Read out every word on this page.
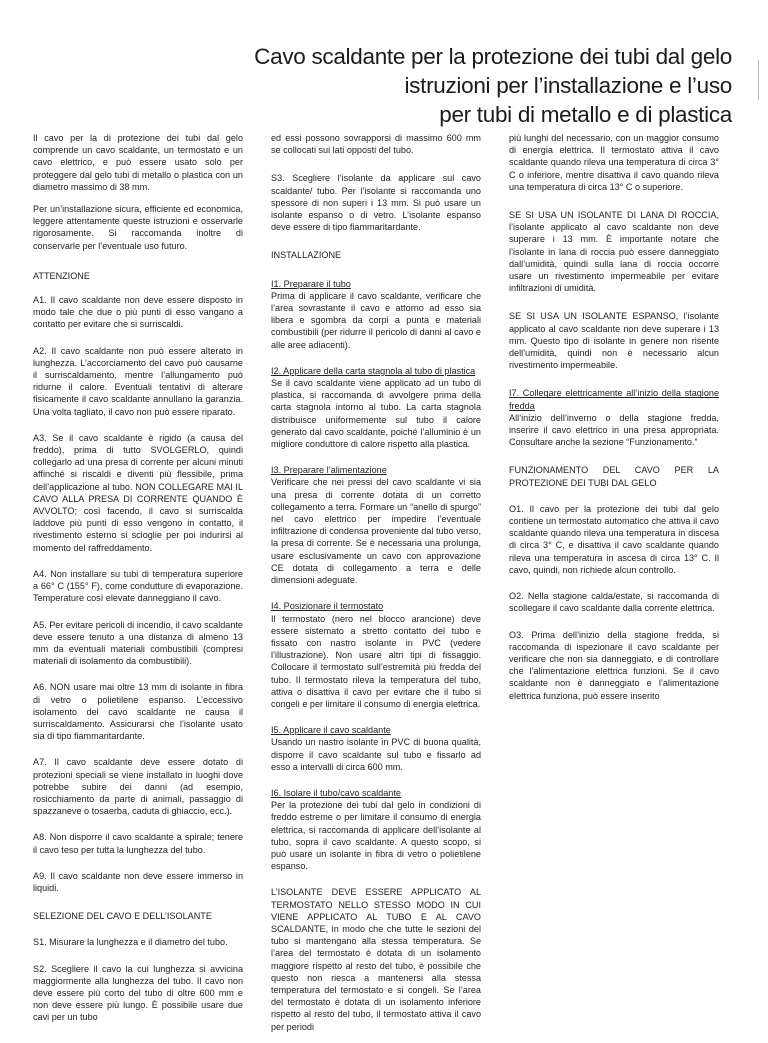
Cavo scaldante per la protezione dei tubi dal gelo
istruzioni per l’installazione e l’uso
per tubi di metallo e di plastica

Il cavo per la di protezione dei tubi dal gelo comprende un cavo scaldante, un termostato e un cavo elettrico, e può essere usato solo per proteggere dal gelo tubi di metallo o plastica con un diametro massimo di 38 mm.

Per un’installazione sicura, efficiente ed economica, leggere attentamente queste istruzioni e osservarle rigorosamente. Si raccomanda inoltre di conservarle per l’eventuale uso futuro.

ATTENZIONE

A1. Il cavo scaldante non deve essere disposto in modo tale che due o più punti di esso vangano a contatto per evitare che si surriscaldi.

A2. Il cavo scaldante non può essere alterato in lunghezza. L’accorciamento del cavo può causarne il surriscaldamento, mentre l’allungamento può ridurne il calore. Eventuali tentativi di alterare fisicamente il cavo scaldante annullano la garanzia. Una volta tagliato, il cavo non può essere riparato.

A3. Se il cavo scaldante è rigido (a causa del freddo), prima di tutto SVOLGERLO, quindi collegarlo ad una presa di corrente per alcuni minuti affinché si riscaldi e diventi più flessibile, prima dell’applicazione al tubo. NON COLLEGARE MAI IL CAVO ALLA PRESA DI CORRENTE QUANDO È AVVOLTO; così facendo, il cavo si surriscalda laddove più punti di esso vengono in contatto, il rivestimento esterno si scioglie per poi indurirsi al momento del raffreddamento.

A4. Non installare su tubi di temperatura superiore a 66° C (155° F), come condutture di evaporazione. Temperature così elevate danneggiano il cavo.

A5. Per evitare pericoli di incendio, il cavo scaldante deve essere tenuto a una distanza di almeno 13 mm da eventuali materiali combustibili (compresi materiali di isolamento da combustibili).

A6. NON usare mai oltre 13 mm di isolante in fibra di vetro o polietilene espanso. L’eccessivo isolamento del cavo scaldante ne causa il surriscaldamento. Assicurarsi che l’isolante usato sia di tipo fiammaritardante.

A7. Il cavo scaldante deve essere dotato di protezioni speciali se viene installato in luoghi dove potrebbe subire dei danni (ad esempio, rosicchiamento da parte di animali, passaggio di spazzaneve o tosaerba, caduta di ghiaccio, ecc.).

A8. Non disporre il cavo scaldante a spirale; tenere il cavo teso per tutta la lunghezza del tubo.

A9. Il cavo scaldante non deve essere immerso in liquidi.

SELEZIONE DEL CAVO E DELL’ISOLANTE

S1. Misurare la lunghezza e il diametro del tubo.

S2. Scegliere il cavo la cui lunghezza si avvicina maggiormente alla lunghezza del tubo. Il cavo non deve essere più corto del tubo di oltre 600 mm e non deve essere più lungo. È possibile usare due cavi per un tubo

ed essi possono sovrapporsi di massimo 600 mm se collocati sui lati opposti del tubo.

S3. Scegliere l’isolante da applicare sul cavo scaldante/ tubo. Per l’isolante si raccomanda uno spessore di non superi i 13 mm. Si può usare un isolante espanso o di vetro. L’isolante espanso deve essere di tipo fiammaritardante.

INSTALLAZIONE

I1. Preparare il tubo
Prima di applicare il cavo scaldante, verificare che l’area sovrastante il cavo e attorno ad esso sia libera e sgombra da corpi a punta e materiali combustibili (per ridurre il pericolo di danni al cavo e alle aree adiacenti).

I2. Applicare della carta stagnola al tubo di plastica
Se il cavo scaldante viene applicato ad un tubo di plastica, si raccomanda di avvolgere prima della carta stagnola intorno al tubo. La carta stagnola distribuisce uniformemente sul tubo il calore generato dal cavo scaldante, poiché l’alluminio è un migliore conduttore di calore rispetto alla plastica.

I3. Preparare l’alimentazione
Verificare che nei pressi del cavo scaldante vi sia una presa di corrente dotata di un corretto collegamento a terra. Formare un “anello di spurgo” nel cavo elettrico per impedire l’eventuale infiltrazione di condensa proveniente dal tubo verso, la presa di corrente. Se è necessaria una prolunga, usare esclusivamente un cavo con approvazione CE dotata di collegamento a terra e delle dimensioni adeguate.

I4. Posizionare il termostato
Il termostato (nero nel blocco arancione) deve essere sistemato a stretto contatto del tubo e fissato con nastro isolante in PVC (vedere l’illustrazione). Non usare altri tipi di fissaggio. Collocare il termostato sull’estremità più fredda del tubo. Il termostato rileva la temperatura del tubo, attiva o disattiva il cavo per evitare che il tubo si congeli e per limitare il consumo di energia elettrica.

I5. Applicare il cavo scaldante
Usando un nastro isolante in PVC di buona qualità, disporre il cavo scaldante sul tubo e fissarlo ad esso a intervalli di circa 600 mm.

I6. Isolare il tubo/cavo scaldante
Per la protezione dei tubi dal gelo in condizioni di freddo estreme o per limitare il consumo di energia elettrica, si raccomanda di applicare dell’isolante al tubo, sopra il cavo scaldante. A questo scopo, si può usare un isolante in fibra di vetro o polietilene espanso.

L’ISOLANTE DEVE ESSERE APPLICATO AL TERMOSTATO NELLO STESSO MODO IN CUI VIENE APPLICATO AL TUBO E AL CAVO SCALDANTE, in modo che che tutte le sezioni del tubo si mantengano alla stessa temperatura. Se l’area del termostato è dotata di un isolamento maggiore rispetto al resto del tubo, è possibile che questo non riesca a mantenersi alla stessa temperatura del termostato e si congeli. Se l’area del termostato è dotata di un isolamento inferiore rispetto al resto del tubo, il termostato attiva il cavo per periodi

più lunghi del necessario, con un maggior consumo di energia elettrica. Il termostato attiva il cavo scaldante quando rileva una temperatura di circa 3° C o inferiore, mentre disattiva il cavo quando rileva una temperatura di circa 13° C o superiore.

SE SI USA UN ISOLANTE DI LANA DI ROCCIA, l’isolante applicato al cavo scaldante non deve superare i 13 mm. È importante notare che l’isolante in lana di roccia può essere danneggiato dall’umidità, quindi sulla lana di roccia occorre usare un rivestimento impermeabile per evitare infiltrazioni di umidità.

SE SI USA UN ISOLANTE ESPANSO, l’isolante applicato al cavo scaldante non deve superare i 13 mm. Questo tipo di isolante in genere non risente dell’umidità, quindi non è necessario alcun rivestimento impermeabile.

I7. Collegare elettricamente all’inizio della stagione fredda
All’inizio dell’inverno o della stagione fredda, inserire il cavo elettrico in una presa appropriata. Consultare anche la sezione “Funzionamento.”

FUNZIONAMENTO DEL CAVO PER LA PROTEZIONE DEI TUBI DAL GELO

O1. Il cavo per la protezione dei tubi dal gelo contiene un termostato automatico che attiva il cavo scaldante quando rileva una temperatura in discesa di circa 3° C, e disattiva il cavo scaldante quando rileva una temperatura in ascesa di circa 13° C. Il cavo, quindi, non richiede alcun controllo.

O2. Nella stagione calda/estate, si raccomanda di scollegare il cavo scaldante dalla corrente elettrica.

O3. Prima dell’inizio della stagione fredda, si raccomanda di ispezionare il cavo scaldante per verificare che non sia danneggiato, e di controllare che l’alimentazione elettrica funzioni. Se il cavo scaldante non è danneggiato e l’alimentazione elettrica funziona, può essere inserito
